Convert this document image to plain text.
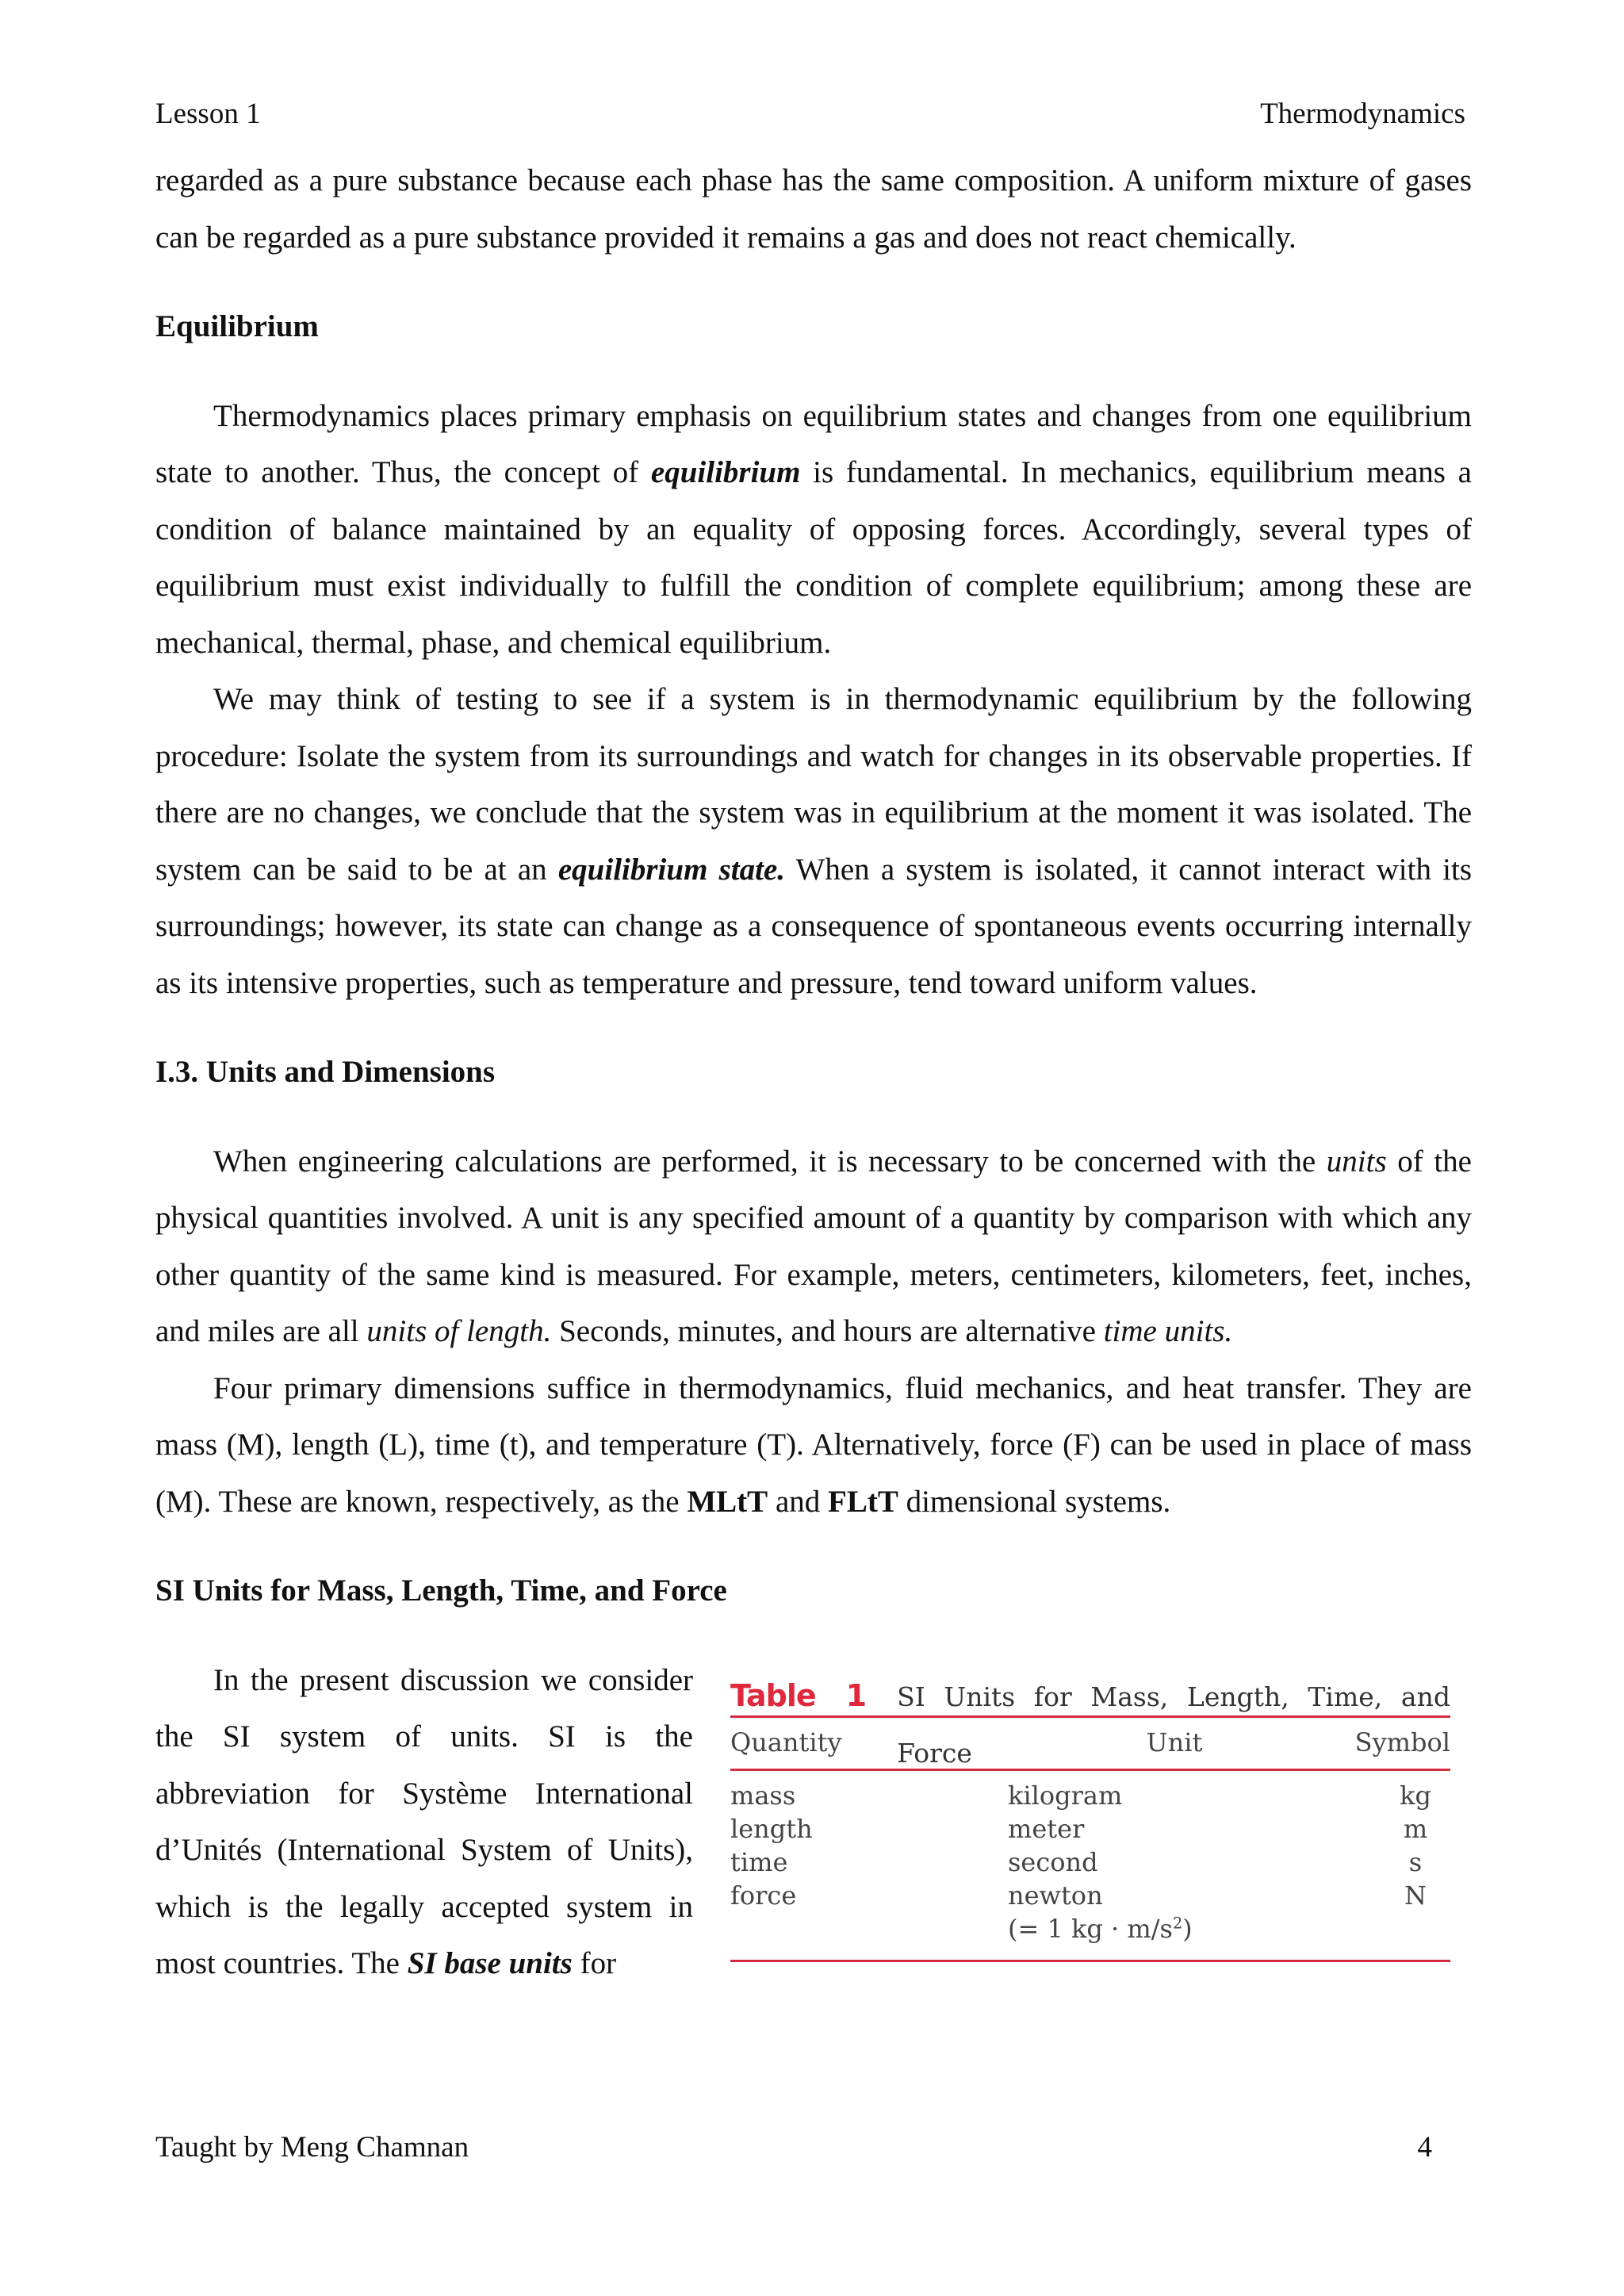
Lesson 1	Thermodynamics

regarded as a pure substance because each phase has the same composition. A uniform mixture of gases can be regarded as a pure substance provided it remains a gas and does not react chemically.

Equilibrium

Thermodynamics places primary emphasis on equilibrium states and changes from one equilibrium state to another. Thus, the concept of equilibrium is fundamental. In mechanics, equilibrium means a condition of balance maintained by an equality of opposing forces. Accordingly, several types of equilibrium must exist individually to fulfill the condition of complete equilibrium; among these are mechanical, thermal, phase, and chemical equilibrium.

We may think of testing to see if a system is in thermodynamic equilibrium by the following procedure: Isolate the system from its surroundings and watch for changes in its observable properties. If there are no changes, we conclude that the system was in equilibrium at the moment it was isolated. The system can be said to be at an equilibrium state. When a system is isolated, it cannot interact with its surroundings; however, its state can change as a consequence of spontaneous events occurring internally as its intensive properties, such as temperature and pressure, tend toward uniform values.

I.3. Units and Dimensions

When engineering calculations are performed, it is necessary to be concerned with the units of the physical quantities involved. A unit is any specified amount of a quantity by comparison with which any other quantity of the same kind is measured. For example, meters, centimeters, kilometers, feet, inches, and miles are all units of length. Seconds, minutes, and hours are alternative time units.

Four primary dimensions suffice in thermodynamics, fluid mechanics, and heat transfer. They are mass (M), length (L), time (t), and temperature (T). Alternatively, force (F) can be used in place of mass (M). These are known, respectively, as the MLtT and FLtT dimensional systems.

SI Units for Mass, Length, Time, and Force

In the present discussion we consider the SI system of units. SI is the abbreviation for Système International d’Unités (International System of Units), which is the legally accepted system in most countries. The SI base units for

Table 1 SI Units for Mass, Length, Time, and Force
Quantity	Unit	Symbol
mass	kilogram	kg
length	meter	m
time	second	s
force	newton	N
(= 1 kg · $m/s^2$)
Taught by Meng Chamnan	4
